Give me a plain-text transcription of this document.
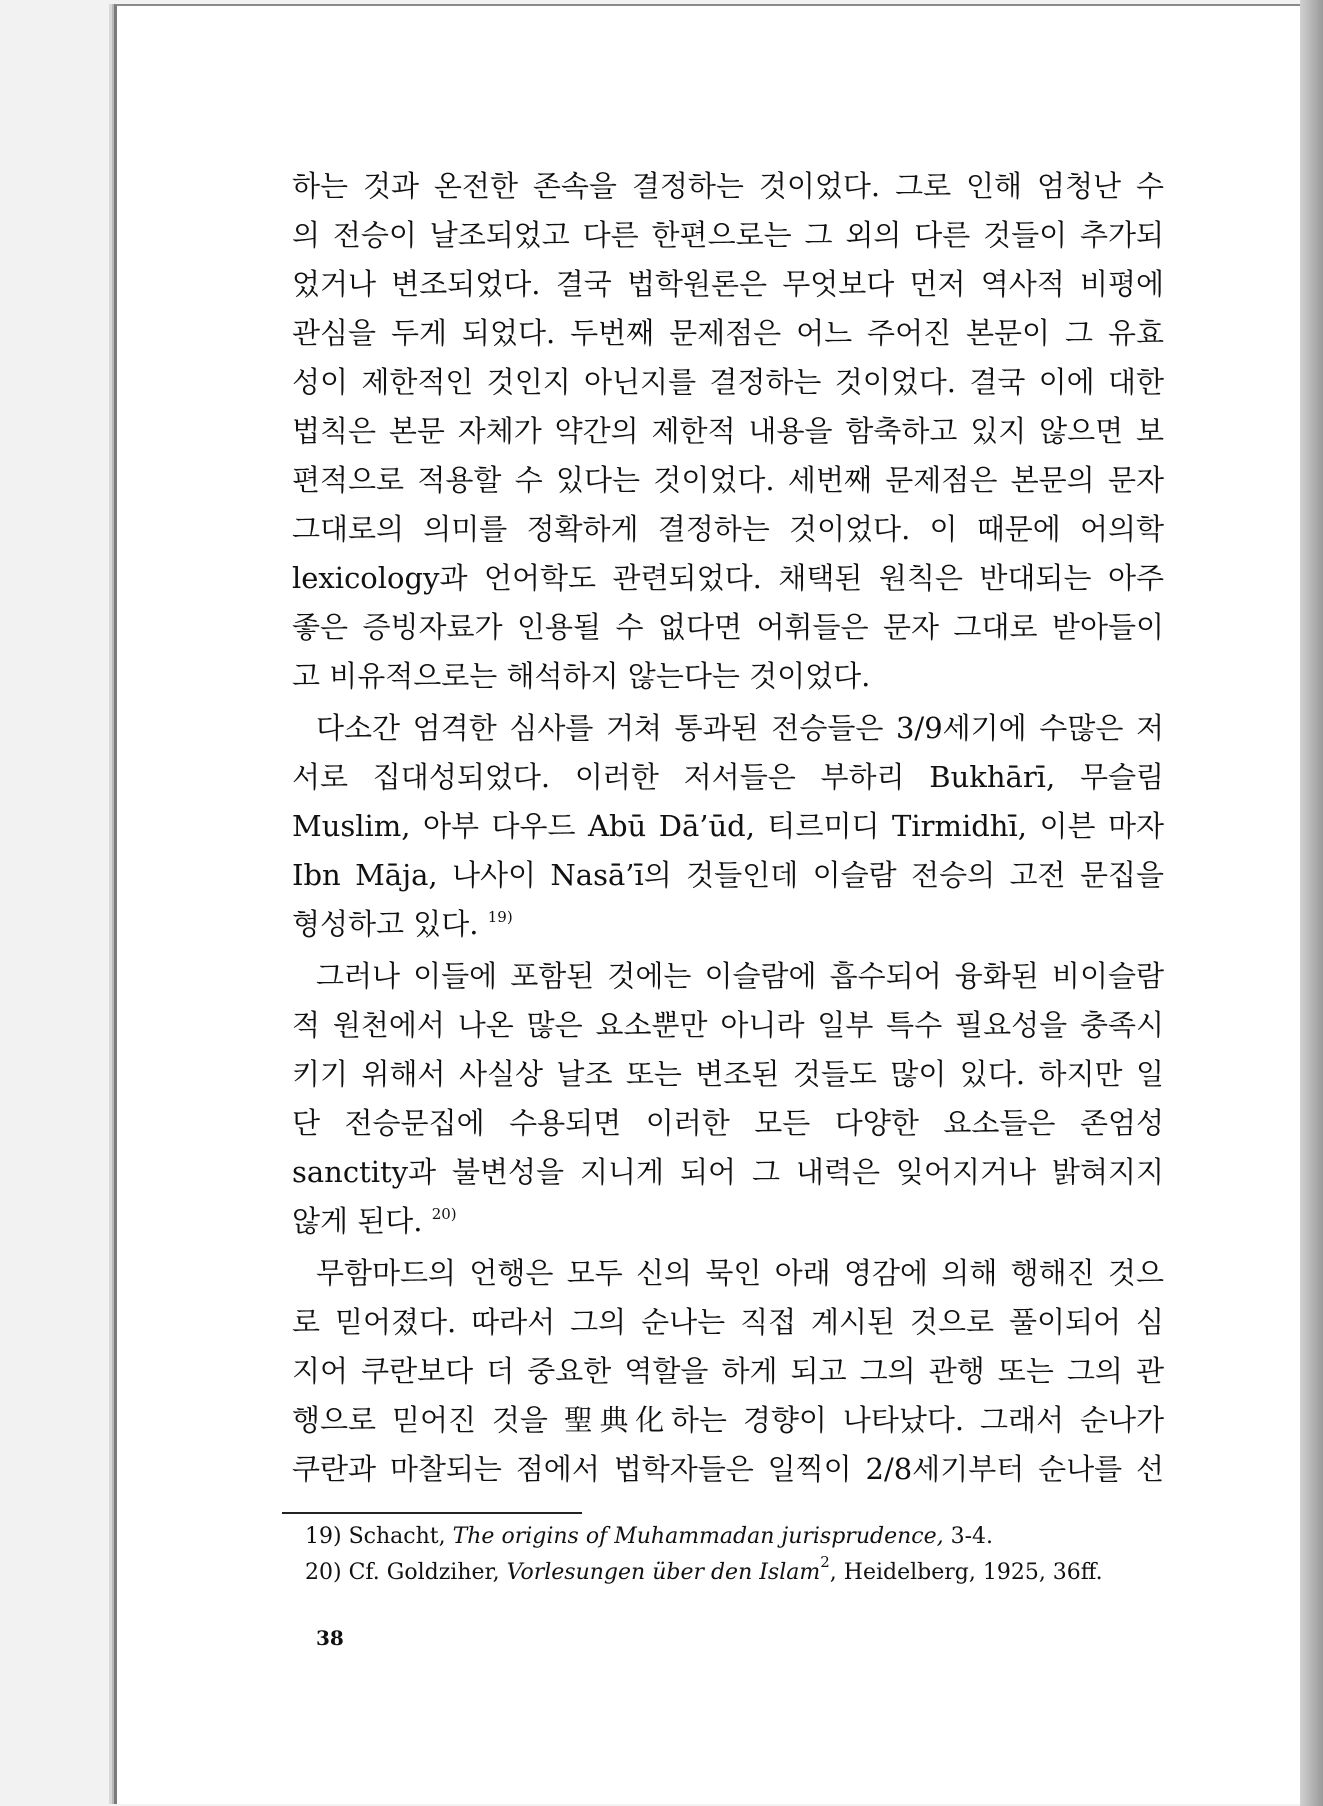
하는 것과 온전한 존속을 결정하는 것이었다. 그로 인해 엄청난 수
의 전승이 날조되었고 다른 한편으로는 그 외의 다른 것들이 추가되
었거나 변조되었다. 결국 법학원론은 무엇보다 먼저 역사적 비평에
관심을 두게 되었다. 두번째 문제점은 어느 주어진 본문이 그 유효
성이 제한적인 것인지 아닌지를 결정하는 것이었다. 결국 이에 대한
법칙은 본문 자체가 약간의 제한적 내용을 함축하고 있지 않으면 보
편적으로 적용할 수 있다는 것이었다. 세번째 문제점은 본문의 문자
그대로의 의미를 정확하게 결정하는 것이었다. 이 때문에 어의학
lexicology과 언어학도 관련되었다. 채택된 원칙은 반대되는 아주
좋은 증빙자료가 인용될 수 없다면 어휘들은 문자 그대로 받아들이
고 비유적으로는 해석하지 않는다는 것이었다.
다소간 엄격한 심사를 거쳐 통과된 전승들은 3/9세기에 수많은 저
서로 집대성되었다. 이러한 저서들은 부하리 Bukhārī, 무슬림
Muslim, 아부 다우드 Abū Dā’ūd, 티르미디 Tirmidhī, 이븐 마자
Ibn Māja, 나사이 Nasā’ī의 것들인데 이슬람 전승의 고전 문집을
형성하고 있다. $^{19)}$
그러나 이들에 포함된 것에는 이슬람에 흡수되어 융화된 비이슬람
적 원천에서 나온 많은 요소뿐만 아니라 일부 특수 필요성을 충족시
키기 위해서 사실상 날조 또는 변조된 것들도 많이 있다. 하지만 일
단 전승문집에 수용되면 이러한 모든 다양한 요소들은 존엄성
sanctity과 불변성을 지니게 되어 그 내력은 잊어지거나 밝혀지지
않게 된다. $^{20)}$
무함마드의 언행은 모두 신의 묵인 아래 영감에 의해 행해진 것으
로 믿어졌다. 따라서 그의 순나는 직접 계시된 것으로 풀이되어 심
지어 쿠란보다 더 중요한 역할을 하게 되고 그의 관행 또는 그의 관
행으로 믿어진 것을 聖典化하는 경향이 나타났다. 그래서 순나가
쿠란과 마찰되는 점에서 법학자들은 일찍이 2/8세기부터 순나를 선
19) Schacht, The origins of Muhammadan jurisprudence, 3-4.
20) Cf. Goldziher, Vorlesungen über den Islam$^2$, Heidelberg, 1925, 36ff.
38
